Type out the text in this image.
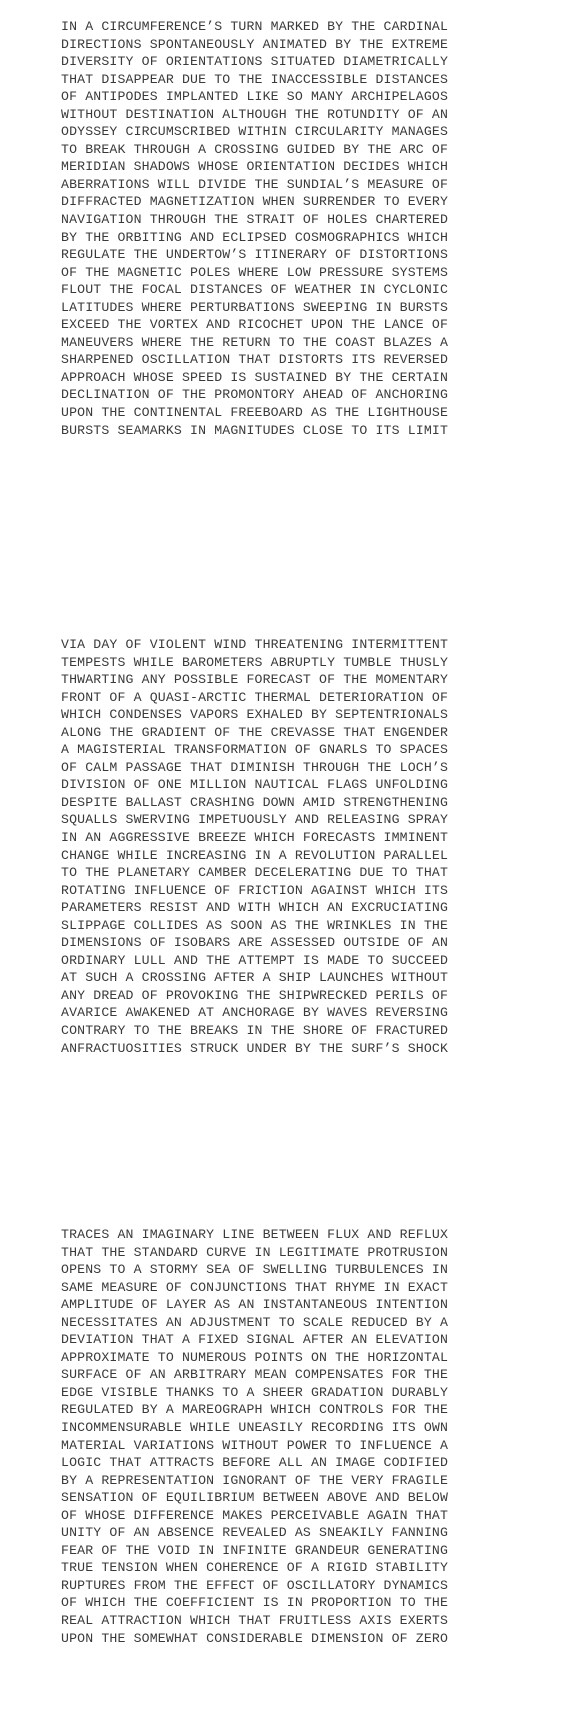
IN A CIRCUMFERENCE’S TURN MARKED BY THE CARDINAL
DIRECTIONS SPONTANEOUSLY ANIMATED BY THE EXTREME
DIVERSITY OF ORIENTATIONS SITUATED DIAMETRICALLY
THAT DISAPPEAR DUE TO THE INACCESSIBLE DISTANCES
OF ANTIPODES IMPLANTED LIKE SO MANY ARCHIPELAGOS
WITHOUT DESTINATION ALTHOUGH THE ROTUNDITY OF AN
ODYSSEY CIRCUMSCRIBED WITHIN CIRCULARITY MANAGES
TO BREAK THROUGH A CROSSING GUIDED BY THE ARC OF
MERIDIAN SHADOWS WHOSE ORIENTATION DECIDES WHICH
ABERRATIONS WILL DIVIDE THE SUNDIAL’S MEASURE OF
DIFFRACTED MAGNETIZATION WHEN SURRENDER TO EVERY
NAVIGATION THROUGH THE STRAIT OF HOLES CHARTERED
BY THE ORBITING AND ECLIPSED COSMOGRAPHICS WHICH
REGULATE THE UNDERTOW’S ITINERARY OF DISTORTIONS
OF THE MAGNETIC POLES WHERE LOW PRESSURE SYSTEMS
FLOUT THE FOCAL DISTANCES OF WEATHER IN CYCLONIC
LATITUDES WHERE PERTURBATIONS SWEEPING IN BURSTS
EXCEED THE VORTEX AND RICOCHET UPON THE LANCE OF
MANEUVERS WHERE THE RETURN TO THE COAST BLAZES A
SHARPENED OSCILLATION THAT DISTORTS ITS REVERSED
APPROACH WHOSE SPEED IS SUSTAINED BY THE CERTAIN
DECLINATION OF THE PROMONTORY AHEAD OF ANCHORING
UPON THE CONTINENTAL FREEBOARD AS THE LIGHTHOUSE
BURSTS SEAMARKS IN MAGNITUDES CLOSE TO ITS LIMIT
VIA DAY OF VIOLENT WIND THREATENING INTERMITTENT
TEMPESTS WHILE BAROMETERS ABRUPTLY TUMBLE THUSLY
THWARTING ANY POSSIBLE FORECAST OF THE MOMENTARY
FRONT OF A QUASI-ARCTIC THERMAL DETERIORATION OF
WHICH CONDENSES VAPORS EXHALED BY SEPTENTRIONALS
ALONG THE GRADIENT OF THE CREVASSE THAT ENGENDER
A MAGISTERIAL TRANSFORMATION OF GNARLS TO SPACES
OF CALM PASSAGE THAT DIMINISH THROUGH THE LOCH’S
DIVISION OF ONE MILLION NAUTICAL FLAGS UNFOLDING
DESPITE BALLAST CRASHING DOWN AMID STRENGTHENING
SQUALLS SWERVING IMPETUOUSLY AND RELEASING SPRAY
IN AN AGGRESSIVE BREEZE WHICH FORECASTS IMMINENT
CHANGE WHILE INCREASING IN A REVOLUTION PARALLEL
TO THE PLANETARY CAMBER DECELERATING DUE TO THAT
ROTATING INFLUENCE OF FRICTION AGAINST WHICH ITS
PARAMETERS RESIST AND WITH WHICH AN EXCRUCIATING
SLIPPAGE COLLIDES AS SOON AS THE WRINKLES IN THE
DIMENSIONS OF ISOBARS ARE ASSESSED OUTSIDE OF AN
ORDINARY LULL AND THE ATTEMPT IS MADE TO SUCCEED
AT SUCH A CROSSING AFTER A SHIP LAUNCHES WITHOUT
ANY DREAD OF PROVOKING THE SHIPWRECKED PERILS OF
AVARICE AWAKENED AT ANCHORAGE BY WAVES REVERSING
CONTRARY TO THE BREAKS IN THE SHORE OF FRACTURED
ANFRACTUOSITIES STRUCK UNDER BY THE SURF’S SHOCK
TRACES AN IMAGINARY LINE BETWEEN FLUX AND REFLUX
THAT THE STANDARD CURVE IN LEGITIMATE PROTRUSION
OPENS TO A STORMY SEA OF SWELLING TURBULENCES IN
SAME MEASURE OF CONJUNCTIONS THAT RHYME IN EXACT
AMPLITUDE OF LAYER AS AN INSTANTANEOUS INTENTION
NECESSITATES AN ADJUSTMENT TO SCALE REDUCED BY A
DEVIATION THAT A FIXED SIGNAL AFTER AN ELEVATION
APPROXIMATE TO NUMEROUS POINTS ON THE HORIZONTAL
SURFACE OF AN ARBITRARY MEAN COMPENSATES FOR THE
EDGE VISIBLE THANKS TO A SHEER GRADATION DURABLY
REGULATED BY A MAREOGRAPH WHICH CONTROLS FOR THE
INCOMMENSURABLE WHILE UNEASILY RECORDING ITS OWN
MATERIAL VARIATIONS WITHOUT POWER TO INFLUENCE A
LOGIC THAT ATTRACTS BEFORE ALL AN IMAGE CODIFIED
BY A REPRESENTATION IGNORANT OF THE VERY FRAGILE
SENSATION OF EQUILIBRIUM BETWEEN ABOVE AND BELOW
OF WHOSE DIFFERENCE MAKES PERCEIVABLE AGAIN THAT
UNITY OF AN ABSENCE REVEALED AS SNEAKILY FANNING
FEAR OF THE VOID IN INFINITE GRANDEUR GENERATING
TRUE TENSION WHEN COHERENCE OF A RIGID STABILITY
RUPTURES FROM THE EFFECT OF OSCILLATORY DYNAMICS
OF WHICH THE COEFFICIENT IS IN PROPORTION TO THE
REAL ATTRACTION WHICH THAT FRUITLESS AXIS EXERTS
UPON THE SOMEWHAT CONSIDERABLE DIMENSION OF ZERO
